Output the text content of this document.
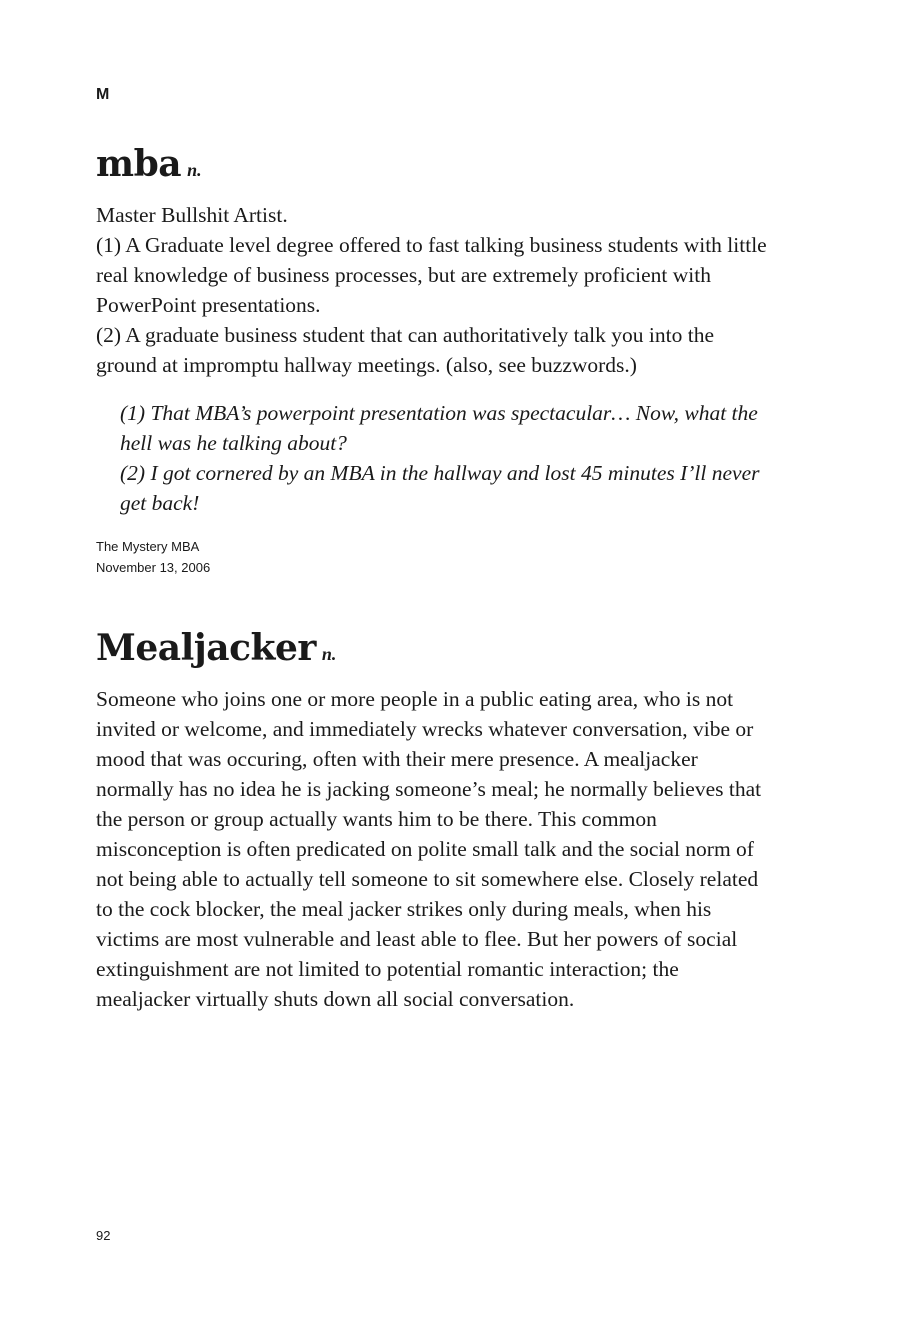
M
mba n.

Master Bullshit Artist.

(1) A Graduate level degree offered to fast talking business students with little real knowledge of business processes, but are extremely proficient with PowerPoint presentations.

(2) A graduate business student that can authoritatively talk you into the ground at impromptu hallway meetings. (also, see buzzwords.)

(1) That MBA’s powerpoint presentation was spectacular… Now, what the hell was he talking about?

(2) I got cornered by an MBA in the hallway and lost 45 minutes I’ll never get back!

The Mystery MBA
November 13, 2006
Mealjacker n.

Someone who joins one or more people in a public eating area, who is not invited or welcome, and immediately wrecks whatever conversation, vibe or mood that was occuring, often with their mere presence. A mealjacker normally has no idea he is jacking someone’s meal; he normally believes that the person or group actually wants him to be there. This common misconception is often predicated on polite small talk and the social norm of not being able to actually tell someone to sit somewhere else. Closely related to the cock blocker, the meal jacker strikes only during meals, when his victims are most vulnerable and least able to flee. But her powers of social extinguishment are not limited to potential romantic interaction; the mealjacker virtually shuts down all social conversation.

92
